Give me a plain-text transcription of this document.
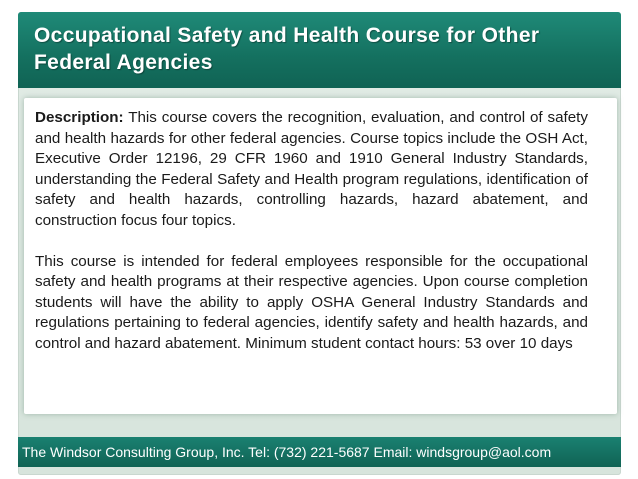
Occupational Safety and Health Course for Other Federal Agencies

Description: This course covers the recognition, evaluation, and control of safety and health hazards for other federal agencies. Course topics include the OSH Act, Executive Order 12196, 29 CFR 1960 and 1910 General Industry Standards, understanding the Federal Safety and Health program regulations, identification of safety and health hazards, controlling hazards, hazard abatement, and construction focus four topics.

This course is intended for federal employees responsible for the occupational safety and health programs at their respective agencies. Upon course completion students will have the ability to apply OSHA General Industry Standards and regulations pertaining to federal agencies, identify safety and health hazards, and control and hazard abatement. Minimum student contact hours: 53 over 10 days

The Windsor Consulting Group, Inc. Tel: (732) 221-5687 Email: windsgroup@aol.com
